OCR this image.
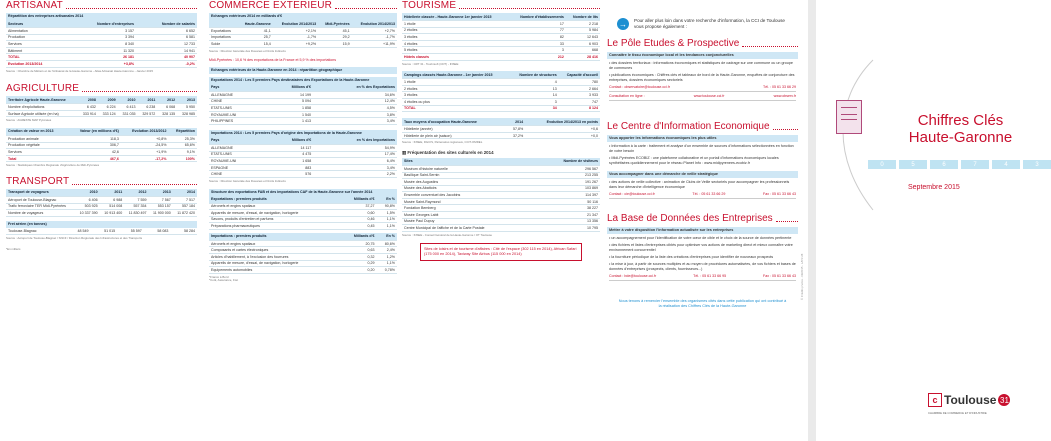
ARTISANAT
Répartition des entreprises artisanales 2014
Secteurs	Nombre d'entreprises	Nombre de salariés
Alimentation	3 157	6 652
Production	3 394	6 581
Services	8 340	12 733
Bâtiment	11 320	14 941
TOTAL	26 181	40 907
Evolution 2013/2014	+3,8%	-0,2%
Source : Chambre de Métiers et de l'Artisanat de la Haute-Garonne - Atlas Artisanat Haute-Garonne - Janvier 2015
AGRICULTURE
Territoire Agricole Haute-Garonne	2008	2009	2010	2011	2012	2013
Nombre d'exploitations	6 432	6 224	6 413	6 238	6 068	5 950
Surface Agricole utilisée (en ha)	333 914	333 124	331 035	329 572	328 135	328 985
Source : AGRESTE MAP Pyrénées
Création de valeur en 2013	Valeur (en millions d'€)	Evolution 2013/2012	Répartition
Production animale	118,3	+0,8%	25,3%
Production végétale	306,7	-24,5%	65,6%
Services	42,6	+1,9%	9,1%
Total	467,6	-17,2%	100%
Source : Statistiques Chambre Régionale d'Agriculture de Midi-Pyrénées
TRANSPORT
Transport de voyageurs	2010	2011	2012	2013	2014
Aéroport de Toulouse-Blagnac	6 406	6 988	7 559	7 567	7 517
Trafic ferroviaire TER Midi-Pyrénées	503 925	514 008	557 354	553 157	557 184
Nombre de voyageurs	10 337 390	10 913 400	11 830 497	11 900 000	11 872 420
Fret aérien (en tonnes)
Toulouse-Blagnac	48 549	51 015	55 597	58 083	58 284
Source : Aéroport de Toulouse-Blagnac / SNCF / Direction Régionale des Infrastructures et des Transports
*En milliers
COMMERCE EXTERIEUR
Echanges extérieurs 2014 en milliards d'€
	Haute-Garonne	Evolution 2014/2013	Midi-Pyrénées	Evolution 2014/2013
Exportations	41,1	+2,1%	45,1	+2,7%
Importations	25,7	-1,7%	29,2	-1,7%
Solde	15,4	+9,2%	15,9	+11,9%
Source : Direction Générale des Douanes et Droits Indirects
Midi-Pyrénées : 10,6 % des exportations de la France et 5,9 % des importations
Echanges extérieurs de la Haute-Garonne en 2014 : répartition géographique
Exportations 2014 : Les 5 premiers Pays destinataires des Exportations de la Haute-Garonne
Pays	Millions d'€	en % des Exportations
ALLEMAGNE	14 199	34,6%
CHINE	5 094	12,4%
ETATS-UNIS	1 858	4,5%
ROYAUME-UNI	1 540	3,8%
PHILIPPINES	1 413	3,4%
Importations 2014 : Les 5 premiers Pays d'origine des Importations de la Haute-Garonne
Pays	Millions d'€	en % des Importations
ALLEMAGNE	14 117	54,9%
ETATS-UNIS	4 475	17,4%
ROYAUME-UNI	1 658	6,4%
ESPAGNE	883	3,4%
CHINE	576	2,2%
Source : Direction Générale des Douanes et Droits Indirects
Structure des exportations FAB et des importations CAF de la Haute-Garonne sur l'année 2014
Exportations : premiers produits	Milliards d'€	En %
Aéronefs et engins spatiaux	37,27	90,8%
Appareils de mesure, d'essai, de navigation, horlogerie	0,60	1,5%
Savons, produits d'entretien et parfums	0,46	1,1%
Préparations pharmaceutiques	0,45	1,1%
Importations : premiers produits	Milliards d'€	En %
Aéronefs et engins spatiaux	20,75	80,6%
Composants et cartes électroniques	0,63	2,4%
Articles d'habillement, à l'exclusion des fourrures	0,32	1,2%
Appareils de mesure, d'essai, de navigation, horlogerie	0,29	1,1%
Equipements automobiles	0,20	0,78%
*Franco à Bord
*Coût, Assurance, Fret
TOURISME
Hôtellerie classée - Haute-Garonne 1er janvier 2015	Nombre d'établissements	Nombre de lits
1 étoile	17	2 218
2 étoiles	77	5 984
3 étoiles	82	12 643
4 étoiles	33	6 903
5 étoiles	3	668
Hôtels classés	212	28 416
Source : CRT 31 - Tourinsoft (CDT) - INSEE
Campings classés Haute-Garonne - 1er janvier 2015	Nombre de structures	Capacité d'accueil
1 étoile	4	780
2 étoiles	13	2 664
3 étoiles	14	3 933
4 étoiles ou plus	3	747
TOTAL	34	8 124
Taux moyens d'occupation Haute-Garonne	2014	Evolution 2014/2013 en points
Hôtellerie (année)	57,8%	+0,6
Hôtellerie de plein air (saison)	37,2%	+0,0
Source : INSEE, DGCIS, Partenaires régionaux, CCIT-OMDEL
▥ Fréquentation des sites culturels en 2014
Sites	Nombre de visiteurs
Muséum d'histoire naturelle	296 567
Basilique Saint-Sernin	213 255
Musée des Augustins	191 267
Musée des Abattoirs	103 869
Ensemble conventuel des Jacobins	114 397
Musée Saint-Raymond	50 116
Fondation Bemberg	38 227
Musée Georges Labit	21 347
Musée Paul Dupuy	13 356
Centre Municipal de l'affiche et de la Carte Postale	10 795
Source : INSEE - Conseil Général de la Haute-Garonne / OT Toulouse
Sites de loisirs et de tourisme d'affaires : Cité de l'espace (302 115 en 2014), African Safari (175 000 en 2014), Taxiway Site Airbus (115 000 en 2014)
→	Pour aller plus loin dans votre recherche d'information, la CCI de Toulouse vous propose également :
Le Pôle Etudes & Prospective
Connaître le tissu économique local et les tendances conjoncturelles
• des dossiers territoriaux : informations économiques et statistiques de cadrage sur une commune ou un groupe de communes
• publications économiques : Chiffres clés et tableaux de bord de la Haute-Garonne, enquêtes de conjoncture des entreprises, dossiers économiques sectoriels
Contact : observatoire@toulouse.cci.fr	Tél. : 05 61 33 66 29
Consultation en ligne :	www.toulouse.cci.fr	www.observ.fr
Le Centre d'Information Economique
Vous apporter les informations économiques les plus utiles
• Information à la carte : traitement et analyse d'un ensemble de sources d'informations sélectionnées en fonction de votre besoin
• Midi-Pyrénées ECOBIZ : une plateforme collaborative et un portail d'informations économiques locales synthétisées quotidiennement pour le réseau Planet Info : www.midipyrenees-ecobiz.fr
Vous accompagner dans une démarche de veille stratégique
• des actions de veille collective : animation de Clubs de Veille sectoriels pour accompagner les professionnels dans leur démarche d'intelligence économique
Contact : cie@toulouse.cci.fr	Tél. : 05 61 33 66 29	Fax : 05 61 33 66 43
La Base de Données des Entreprises
Mettre à votre disposition l'information actualisée sur les entreprises
• un accompagnement pour l'identification de votre cœur de cible et le choix de la source de données pertinente
• des fichiers et listes d'entreprises ciblés pour optimiser vos actions de marketing direct et mieux connaître votre environnement concurrentiel
• la fourniture périodique de la liste des créations d'entreprises pour identifier de nouveaux prospects
• la mise à jour, à partir de sources multiples et au moyen de procédures automatisées, de vos fichiers et bases de données d'entreprises (prospects, clients, fournisseurs...)
Contact : bde@toulouse.cci.fr	Tél. : 05 61 33 66 95	Fax : 05 61 33 66 43
Nous tenons à remercier l'ensemble des organismes cités dans cette publication qui ont contribué à la réalisation des Chiffres Clés de la Haute-Garonne
Chiffres Clés
Haute-Garonne
0	5	6	7	4	3
Septembre 2015
© Crédits photos - 09/2015 - LAT3 28
c Toulouse 31
CHAMBRE DE COMMERCE ET D'INDUSTRIE
